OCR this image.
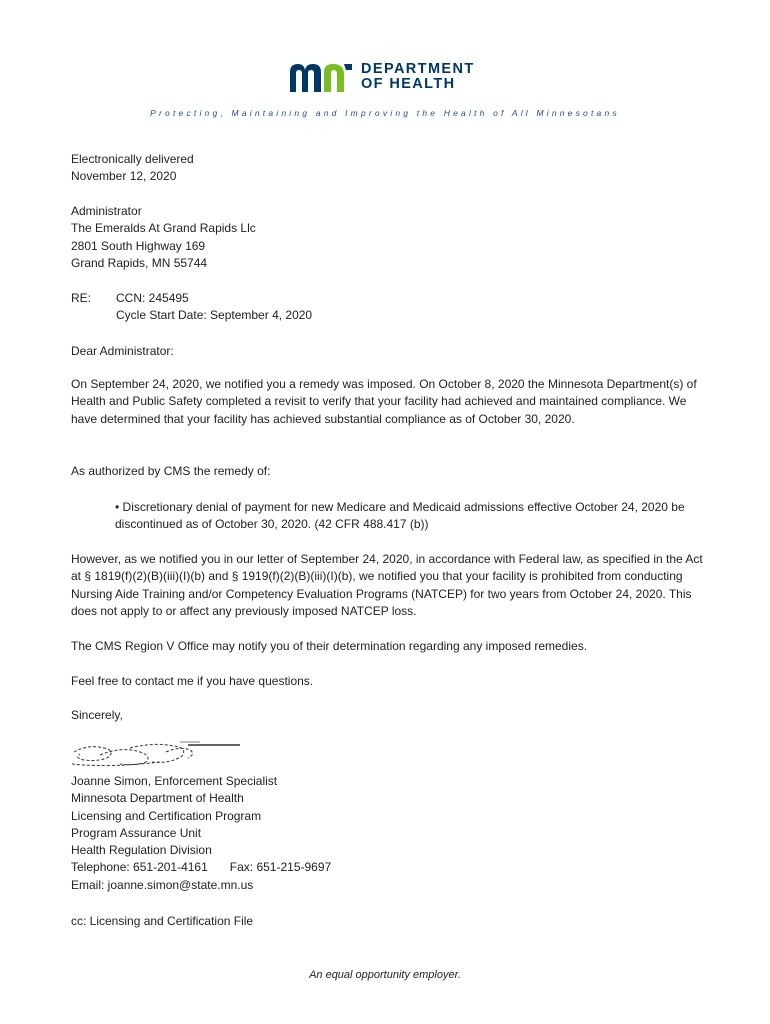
DEPARTMENT
OF HEALTH
Protecting, Maintaining and Improving the Health of All Minnesotans

Electronically delivered

November 12, 2020

Administrator

The Emeralds At Grand Rapids Llc

2801 South Highway 169

Grand Rapids, MN 55744

RE: CCN: 245495
Cycle Start Date: September 4, 2020
Dear Administrator:
On September 24, 2020, we notified you a remedy was imposed. On October 8, 2020 the Minnesota Department(s) of Health and Public Safety completed a revisit to verify that your facility had achieved and maintained compliance. We have determined that your facility has achieved substantial compliance as of October 30, 2020.
As authorized by CMS the remedy of:
• Discretionary denial of payment for new Medicare and Medicaid admissions effective October 24, 2020 be discontinued as of October 30, 2020. (42 CFR 488.417 (b))
However, as we notified you in our letter of September 24, 2020, in accordance with Federal law, as specified in the Act at § 1819(f)(2)(B)(iii)(I)(b) and § 1919(f)(2)(B)(iii)(I)(b), we notified you that your facility is prohibited from conducting Nursing Aide Training and/or Competency Evaluation Programs (NATCEP) for two years from October 24, 2020. This does not apply to or affect any previously imposed NATCEP loss.
The CMS Region V Office may notify you of their determination regarding any imposed remedies.
Feel free to contact me if you have questions.
Sincerely,

Joanne Simon, Enforcement Specialist

Minnesota Department of Health

Licensing and Certification Program

Program Assurance Unit

Health Regulation Division

Telephone: 651-201-4161 Fax: 651-215-9697

Email: joanne.simon@state.mn.us

cc: Licensing and Certification File
An equal opportunity employer.
